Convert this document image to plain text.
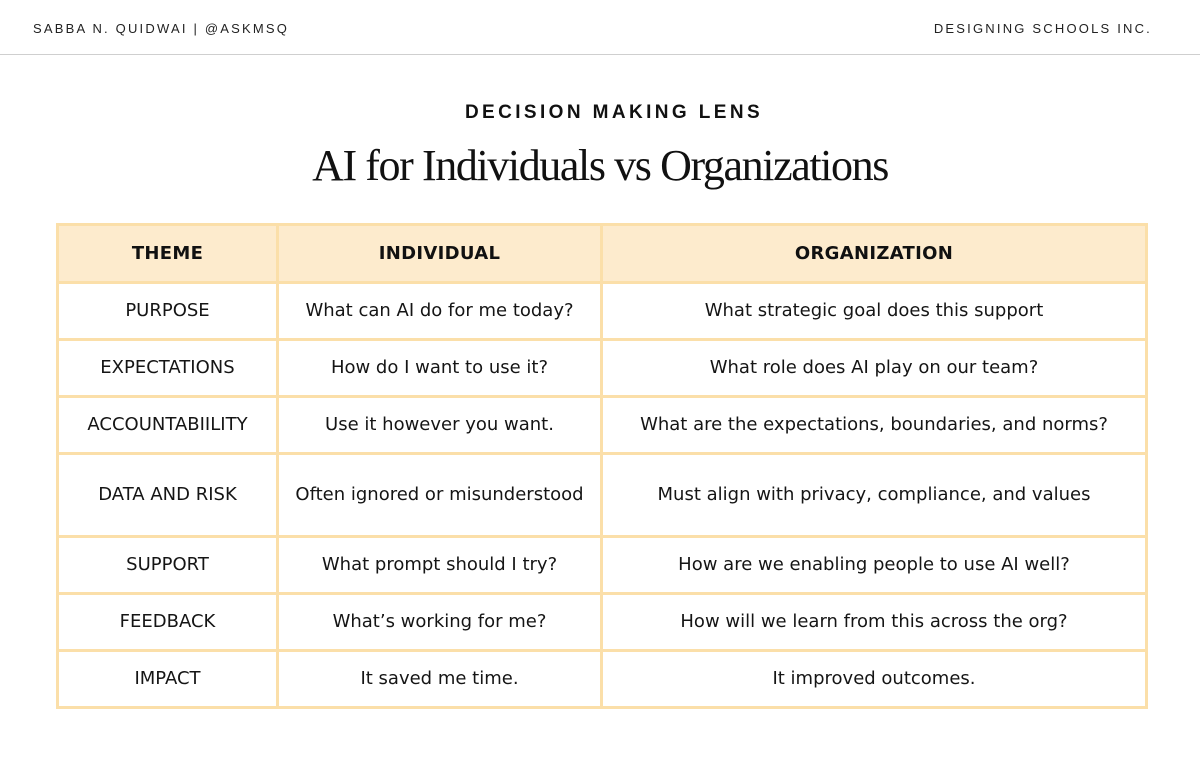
SABBA N. QUIDWAI | @ASKMSQ	DESIGNING SCHOOLS INC.
DECISION MAKING LENS
AI for Individuals vs Organizations
THEME	INDIVIDUAL	ORGANIZATION
PURPOSE	What can AI do for me today?	What strategic goal does this support
EXPECTATIONS	How do I want to use it?	What role does AI play on our team?
ACCOUNTABIILITY	Use it however you want.	What are the expectations, boundaries, and norms?
DATA AND RISK	Often ignored or misunderstood	Must align with privacy, compliance, and values
SUPPORT	What prompt should I try?	How are we enabling people to use AI well?
FEEDBACK	What’s working for me?	How will we learn from this across the org?
IMPACT	It saved me time.	It improved outcomes.
